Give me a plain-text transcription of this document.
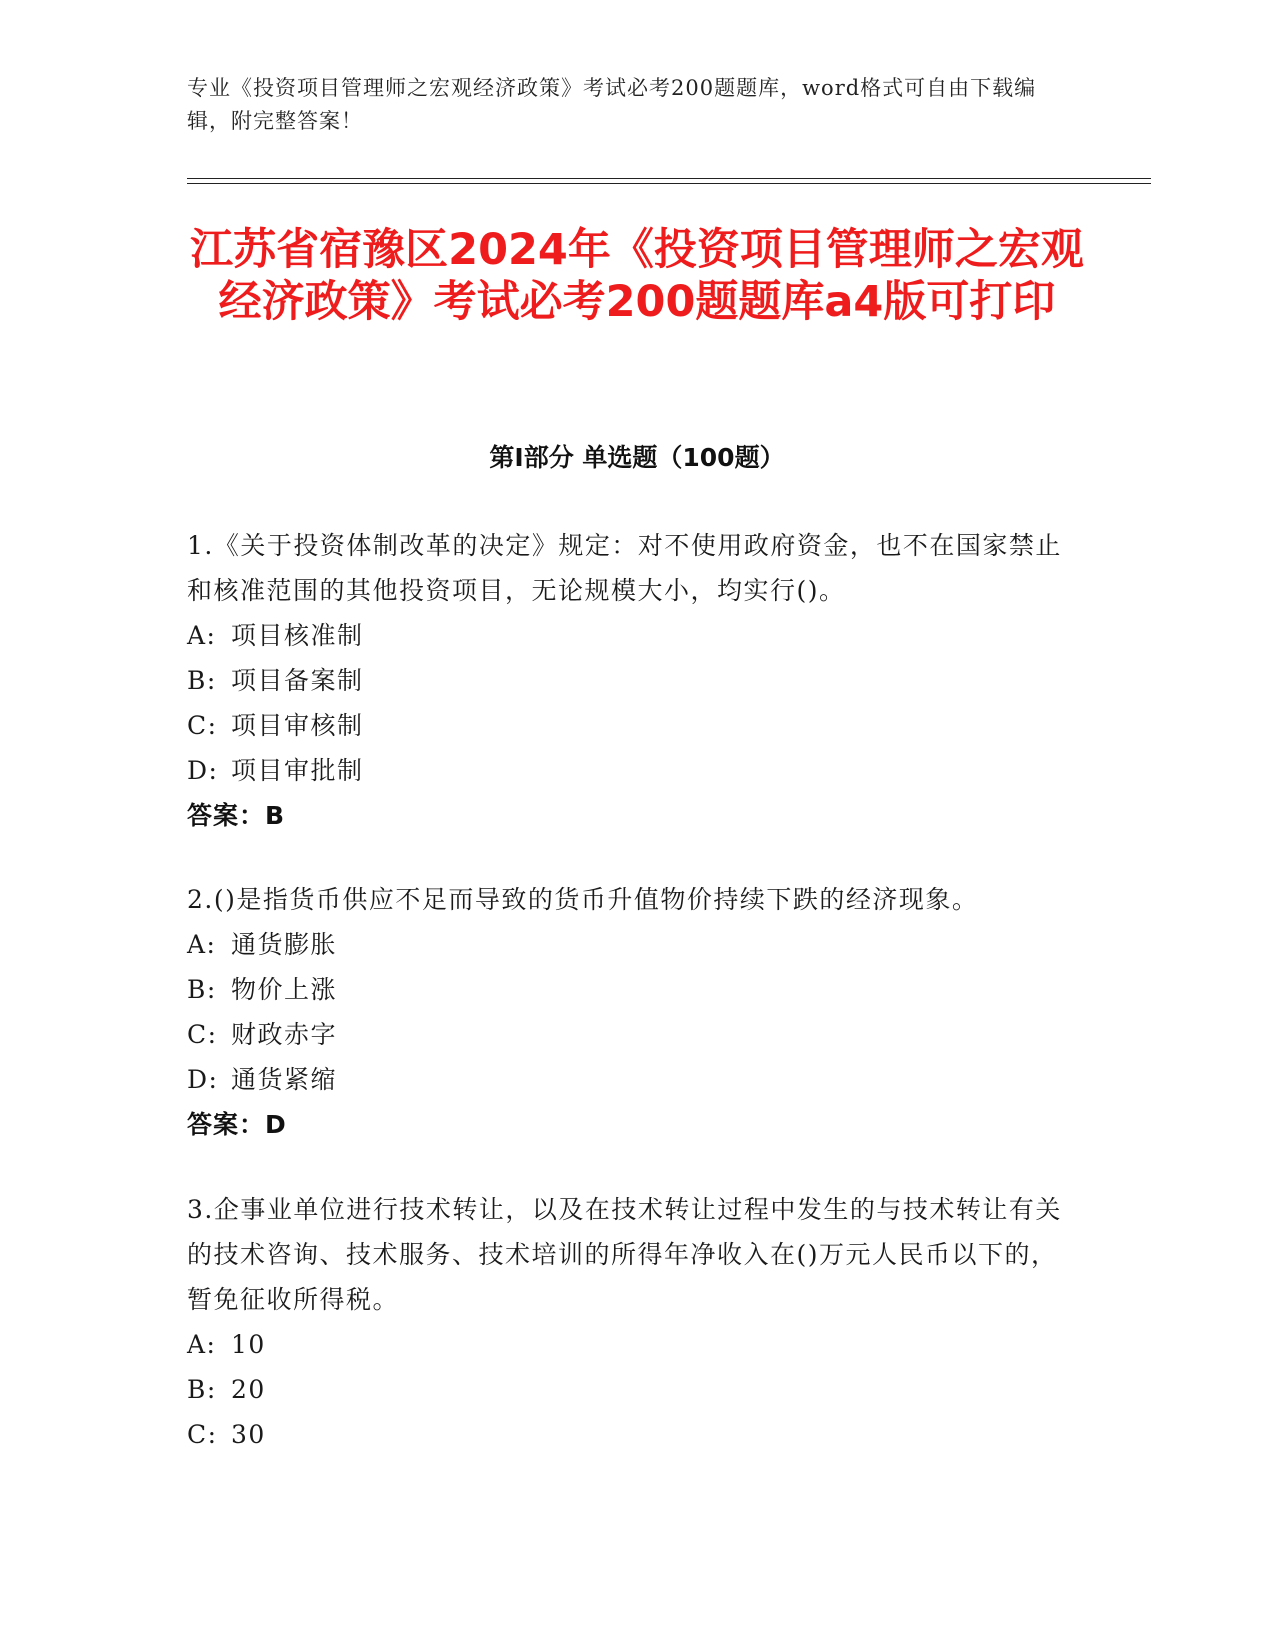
专业《投资项目管理师之宏观经济政策》考试必考200题题库，word格式可自由下载编辑，附完整答案！
江苏省宿豫区2024年《投资项目管理师之宏观经济政策》考试必考200题题库a4版可打印
第I部分 单选题（100题）

1.《关于投资体制改革的决定》规定：对不使用政府资金，也不在国家禁止和核准范围的其他投资项目，无论规模大小，均实行()。

A: 项目核准制

B: 项目备案制

C: 项目审核制

D: 项目审批制

答案：B

2.()是指货币供应不足而导致的货币升值物价持续下跌的经济现象。

A: 通货膨胀

B: 物价上涨

C: 财政赤字

D: 通货紧缩

答案：D

3.企事业单位进行技术转让，以及在技术转让过程中发生的与技术转让有关的技术咨询、技术服务、技术培训的所得年净收入在()万元人民币以下的，暂免征收所得税。

A: 10

B: 20

C: 30
